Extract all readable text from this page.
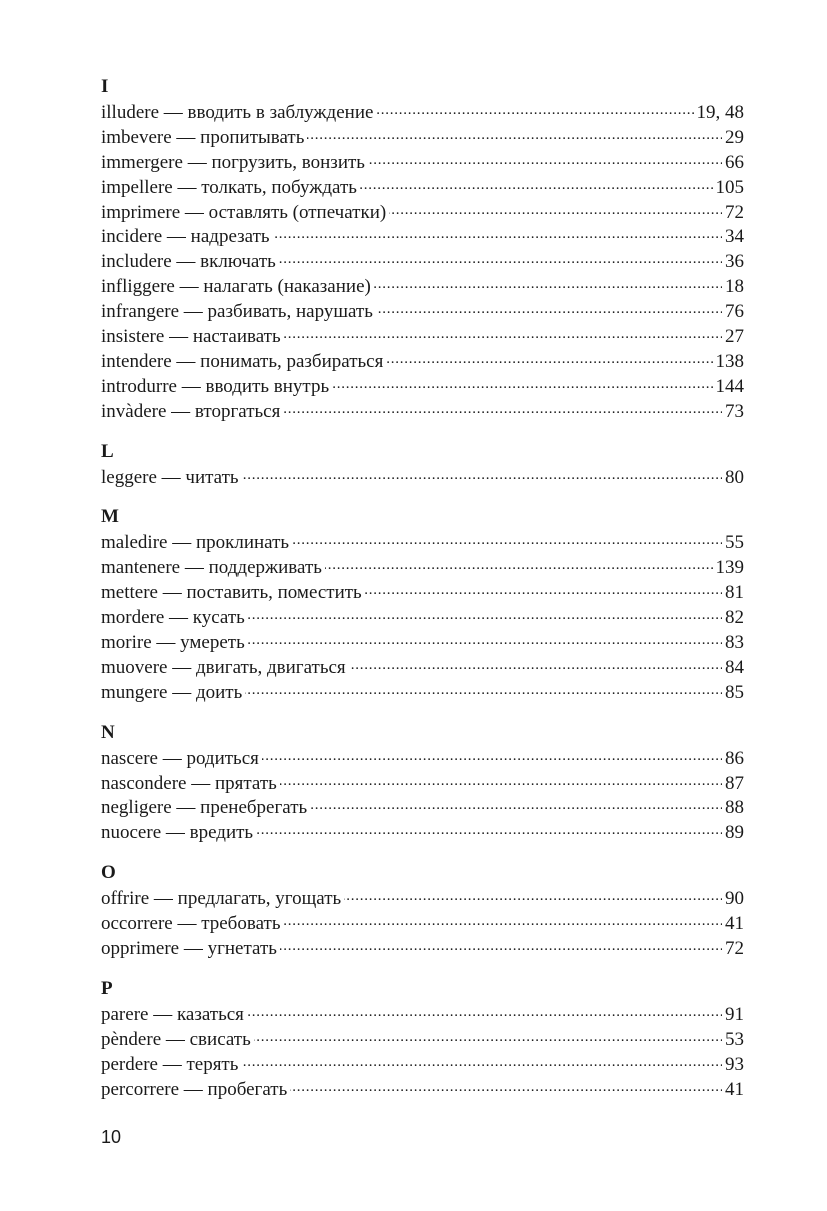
I
illudere — вводить в заблуждение . . .	19, 48
imbevere — пропитывать . . .	29
immergere — погрузить, вонзить . . .	66
impellere — толкать, побуждать . . .	105
imprimere — оставлять (отпечатки) . . .	72
incidere — надрезать . . .	34
includere — включать . . .	36
infliggere — налагать (наказание) . . .	18
infrangere — разбивать, нарушать . . .	76
insistere — настаивать . . .	27
intendere — понимать, разбираться . . .	138
introdurre — вводить внутрь . . .	144
invàdere — вторгаться . . .	73
L
leggere — читать . . .	80
M
maledire — проклинать . . .	55
mantenere — поддерживать . . .	139
mettere — поставить, поместить . . .	81
mordere — кусать . . .	82
morire — умереть . . .	83
muovere — двигать, двигаться . . .	84
mungere — доить . . .	85
N
nascere — родиться . . .	86
nascondere — прятать . . .	87
negligere — пренебрегать . . .	88
nuocere — вредить . . .	89
O
offrire — предлагать, угощать . . .	90
occorrere — требовать . . .	41
opprimere — угнетать . . .	72
P
parere — казаться . . .	91
pèndere — свисать . . .	53
perdere — терять . . .	93
percorrere — пробегать . . .	41
10
